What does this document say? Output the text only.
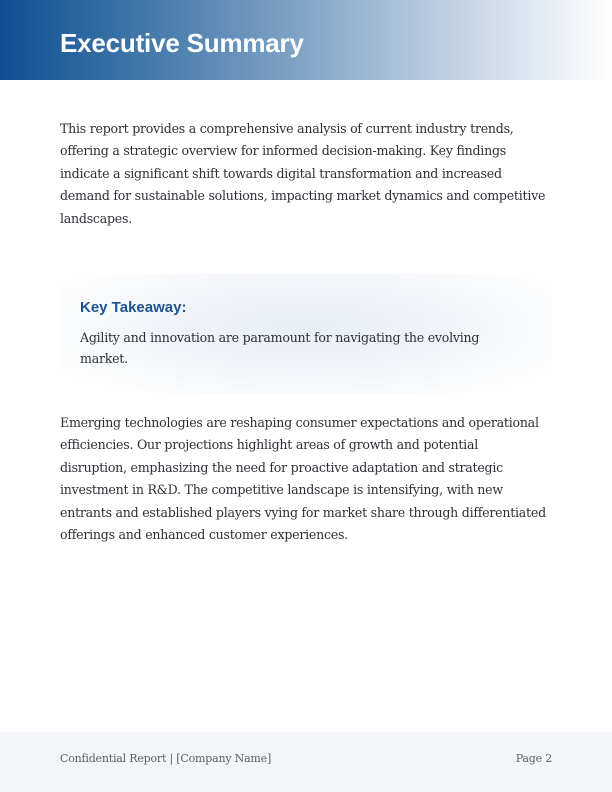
Executive Summary

This report provides a comprehensive analysis of current industry trends, offering a strategic overview for informed decision-making. Key findings indicate a significant shift towards digital transformation and increased demand for sustainable solutions, impacting market dynamics and competitive landscapes.

Key Takeaway:

Agility and innovation are paramount for navigating the evolving market.

Emerging technologies are reshaping consumer expectations and operational efficiencies. Our projections highlight areas of growth and potential disruption, emphasizing the need for proactive adaptation and strategic investment in R&D. The competitive landscape is intensifying, with new entrants and established players vying for market share through differentiated offerings and enhanced customer experiences.

Confidential Report | [Company Name]	Page 2
